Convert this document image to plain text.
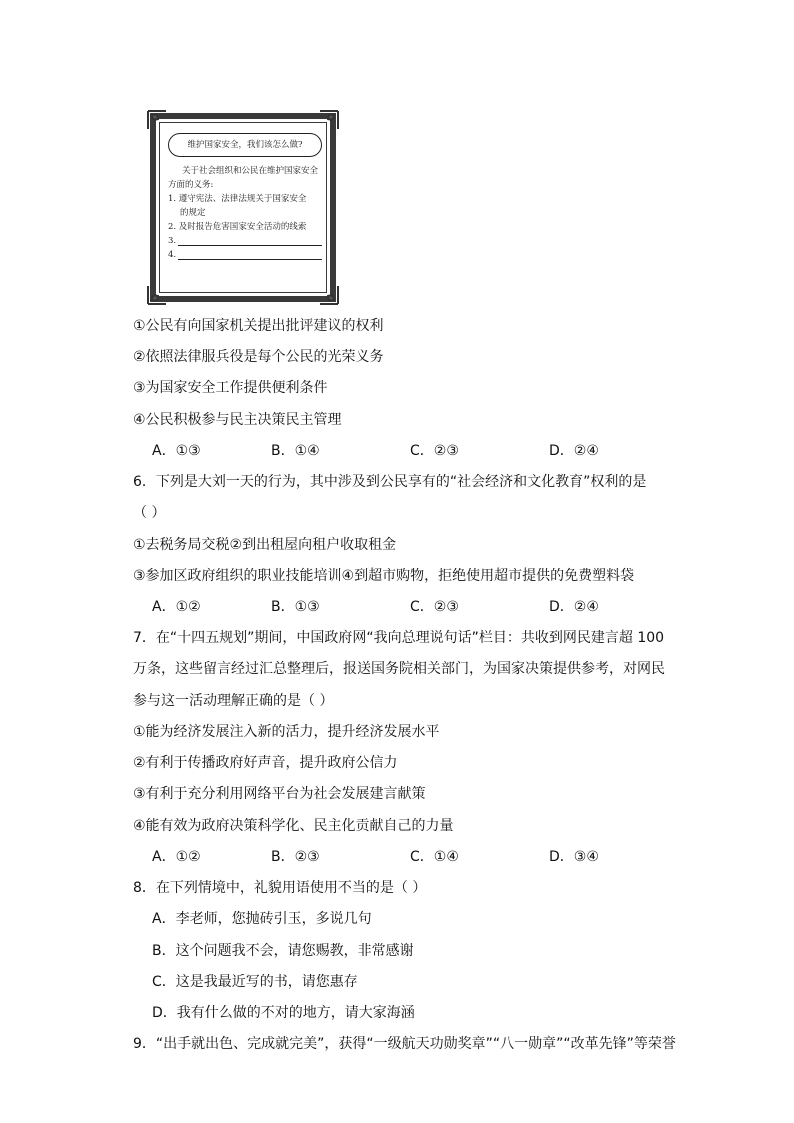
维护国家安全，我们该怎么做?

关于社会组织和公民在维护国家安全方面的义务:

1. 遵守宪法、法律法规关于国家安全
的规定

2. 及时报告危害国家安全活动的线索

3.

4.

①公民有向国家机关提出批评建议的权利
②依照法律服兵役是每个公民的光荣义务
③为国家安全工作提供便利条件
④公民积极参与民主决策民主管理
A．①③	B．①④	C．②③	D．②④
6．下列是大刘一天的行为，其中涉及到公民享有的“社会经济和文化教育”权利的是
（ ）
①去税务局交税②到出租屋向租户收取租金
③参加区政府组织的职业技能培训④到超市购物，拒绝使用超市提供的免费塑料袋
A．①②	B．①③	C．②③	D．②④
7．在“十四五规划”期间，中国政府网“我向总理说句话”栏目：共收到网民建言超 100
万条，这些留言经过汇总整理后，报送国务院相关部门，为国家决策提供参考，对网民
参与这一活动理解正确的是（ ）
①能为经济发展注入新的活力，提升经济发展水平
②有利于传播政府好声音，提升政府公信力
③有利于充分利用网络平台为社会发展建言献策
④能有效为政府决策科学化、民主化贡献自己的力量
A．①②	B．②③	C．①④	D．③④
8．在下列情境中，礼貌用语使用不当的是（ ）
A．李老师，您抛砖引玉，多说几句
B．这个问题我不会，请您赐教，非常感谢
C．这是我最近写的书，请您惠存
D．我有什么做的不对的地方，请大家海涵
9．“出手就出色、完成就完美”，获得“一级航天功勋奖章”“八一勋章”“改革先锋”等荣誉
